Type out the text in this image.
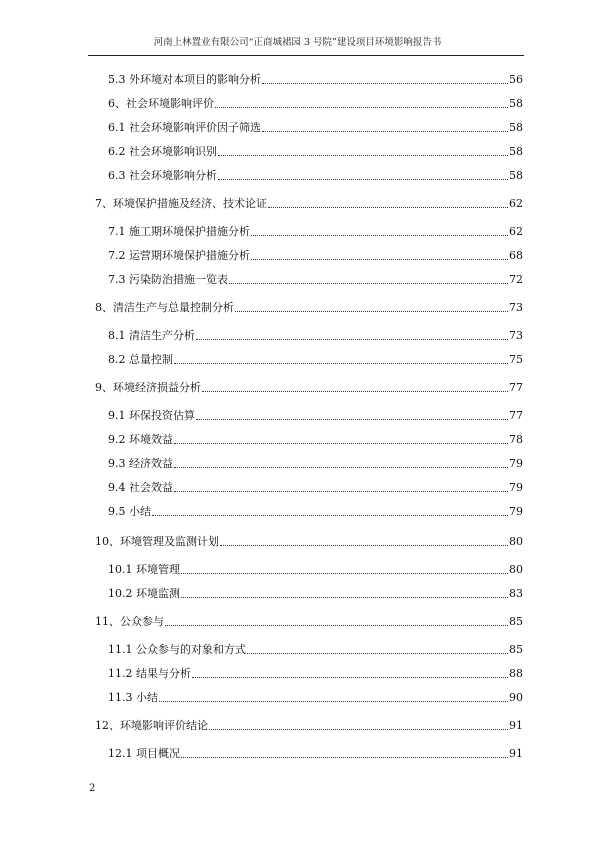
河南上林置业有限公司“正商城裙园 3 号院”建设项目环境影响报告书
5.3 外环境对本项目的影响分析	56
6、社会环境影响评价	58
6.1 社会环境影响评价因子筛选	58
6.2 社会环境影响识别	58
6.3 社会环境影响分析	58
7、环境保护措施及经济、技术论证	62
7.1 施工期环境保护措施分析	62
7.2 运营期环境保护措施分析	68
7.3 污染防治措施一览表	72
8、清洁生产与总量控制分析	73
8.1 清洁生产分析	73
8.2 总量控制	75
9、环境经济损益分析	77
9.1 环保投资估算	77
9.2 环境效益	78
9.3 经济效益	79
9.4 社会效益	79
9.5 小结	79
10、环境管理及监测计划	80
10.1 环境管理	80
10.2 环境监测	83
11、公众参与	85
11.1 公众参与的对象和方式	85
11.2 结果与分析	88
11.3 小结	90
12、环境影响评价结论	91
12.1 项目概况	91
2
